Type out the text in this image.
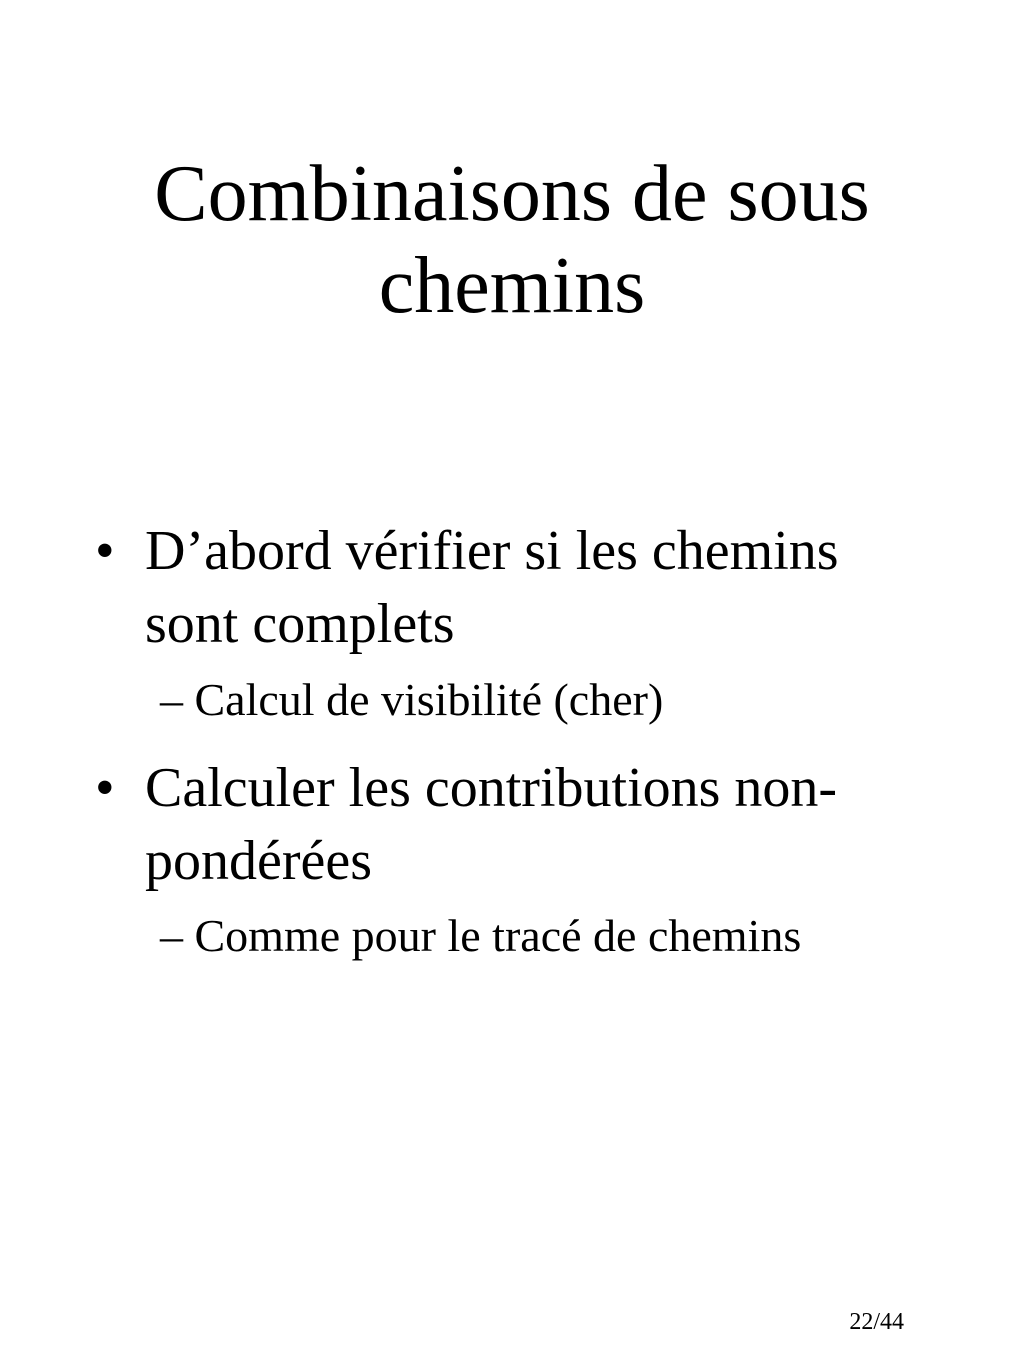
Combinaisons de sous
chemins
• D’abord vérifier si les chemins
sont complets
– Calcul de visibilité (cher)
• Calculer les contributions non-
pondérées
– Comme pour le tracé de chemins
22/44
